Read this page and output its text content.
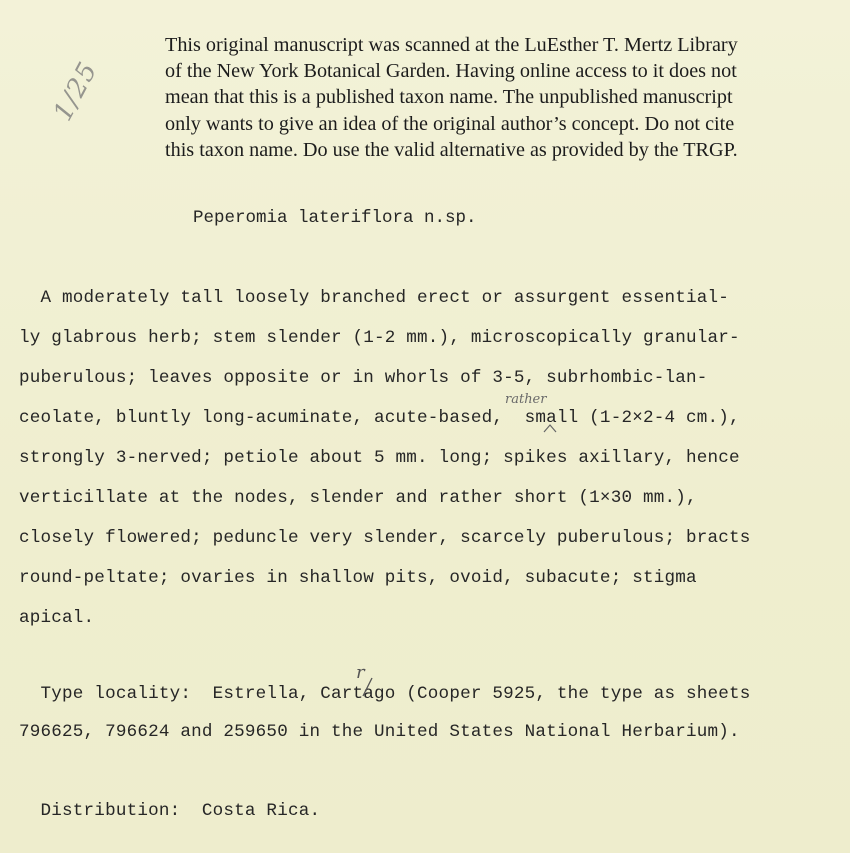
This original manuscript was scanned at the LuEsther T. Mertz Library
of the New York Botanical Garden. Having online access to it does not
mean that this is a published taxon name. The unpublished manuscript
only wants to give an idea of the original author’s concept. Do not cite
this taxon name. Do use the valid alternative as provided by the TRGP.
1/25
Peperomia lateriflora n.sp.
A moderately tall loosely branched erect or assurgent essential-
ly glabrous herb; stem slender (1-2 mm.), microscopically granular-
puberulous; leaves opposite or in whorls of 3-5, subrhombic-lan-
ceolate, bluntly long-acuminate, acute-based,  small (1-2×2-4 cm.),
strongly 3-nerved; petiole about 5 mm. long; spikes axillary, hence
verticillate at the nodes, slender and rather short (1×30 mm.),
closely flowered; peduncle very slender, scarcely puberulous; bracts
round-peltate; ovaries in shallow pits, ovoid, subacute; stigma
apical.
rather
Type locality:  Estrella, Cartago (Cooper 5925, the type as sheets
796625, 796624 and 259650 in the United States National Herbarium).
r
Distribution:  Costa Rica.
